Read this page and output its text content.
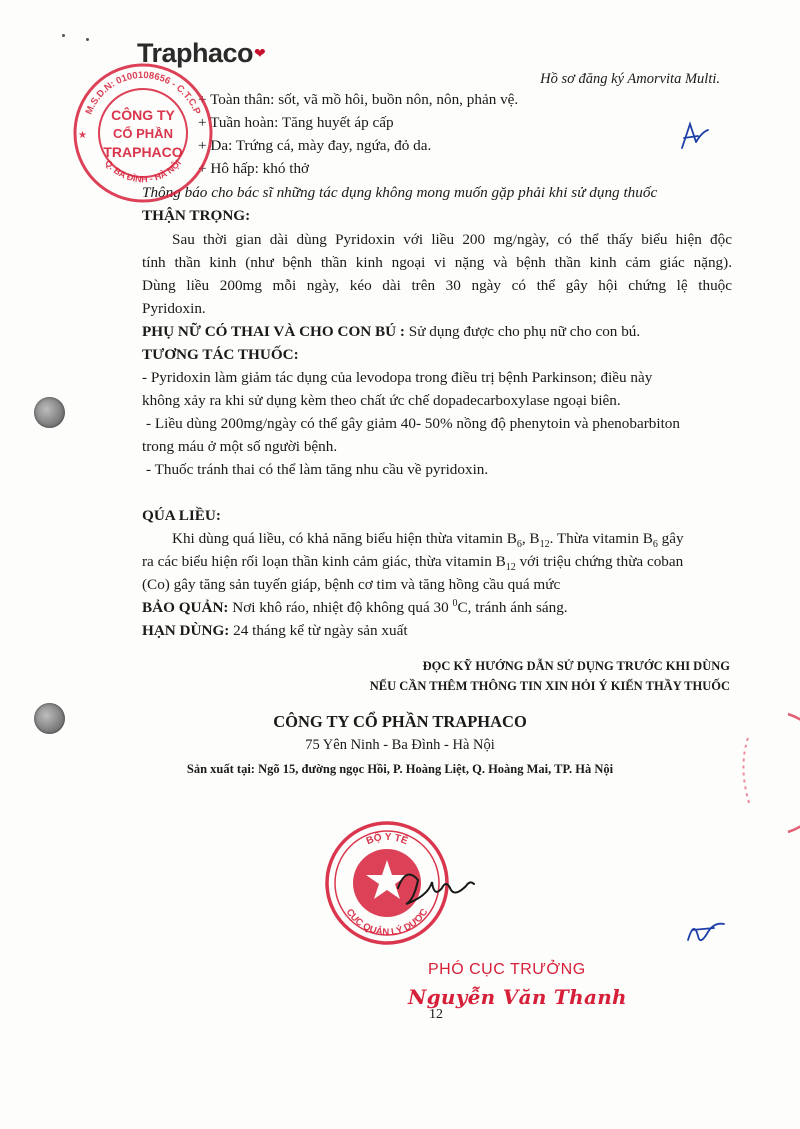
Traphaco❤
Hồ sơ đăng ký Amorvita Multi.
+ Toàn thân: sốt, vã mồ hôi, buồn nôn, nôn, phản vệ.
+ Tuần hoàn: Tăng huyết áp cấp
+ Da: Trứng cá, mày đay, ngứa, đỏ da.
+ Hô hấp: khó thở
Thông báo cho bác sĩ những tác dụng không mong muốn gặp phải khi sử dụng thuốc
THẬN TRỌNG:
Sau thời gian dài dùng Pyridoxin với liều 200 mg/ngày, có thể thấy biểu hiện độc
tính thần kinh (như bệnh thần kinh ngoại vi nặng và bệnh thần kinh cảm giác nặng).
Dùng liều 200mg mỗi ngày, kéo dài trên 30 ngày có thể gây hội chứng lệ thuộc
Pyridoxin.
PHỤ NỮ CÓ THAI VÀ CHO CON BÚ : Sử dụng được cho phụ nữ cho con bú.
TƯƠNG TÁC THUỐC:
- Pyridoxin làm giảm tác dụng của levodopa trong điều trị bệnh Parkinson; điều này
không xảy ra khi sử dụng kèm theo chất ức chế dopadecarboxylase ngoại biên.
- Liều dùng 200mg/ngày có thể gây giảm 40- 50% nồng độ phenytoin và phenobarbiton
trong máu ở một số người bệnh.
- Thuốc tránh thai có thể làm tăng nhu cầu về pyridoxin.
QÚA LIỀU:
Khi dùng quá liều, có khả năng biểu hiện thừa vitamin $B_6$, $B_{12}$. Thừa vitamin $B_6$ gây
ra các biểu hiện rối loạn thần kinh cảm giác, thừa vitamin $B_{12}$ với triệu chứng thừa coban
(Co) gây tăng sản tuyến giáp, bệnh cơ tim và tăng hồng cầu quá mức
BẢO QUẢN: Nơi khô ráo, nhiệt độ không quá 30 $^0$C, tránh ánh sáng.
HẠN DÙNG: 24 tháng kể từ ngày sản xuất
ĐỌC KỸ HƯỚNG DẪN SỬ DỤNG TRƯỚC KHI DÙNG
NẾU CẦN THÊM THÔNG TIN XIN HỎI Ý KIẾN THẦY THUỐC
CÔNG TY CỔ PHẦN TRAPHACO
75 Yên Ninh - Ba Đình - Hà Nội
Sản xuất tại: Ngõ 15, đường ngọc Hồi, P. Hoàng Liệt, Q. Hoàng Mai, TP. Hà Nội
M.S.D.N: 0100108656 - C.T.C.P
Q. BA ĐÌNH - HÀ NỘI
CÔNG TY
CỔ PHẦN
TRAPHACO
★
BỘ Y TẾ
CỤC QUẢN LÝ DƯỢC
PHÓ CỤC TRƯỞNG
Nguyễn Văn Thanh
12
